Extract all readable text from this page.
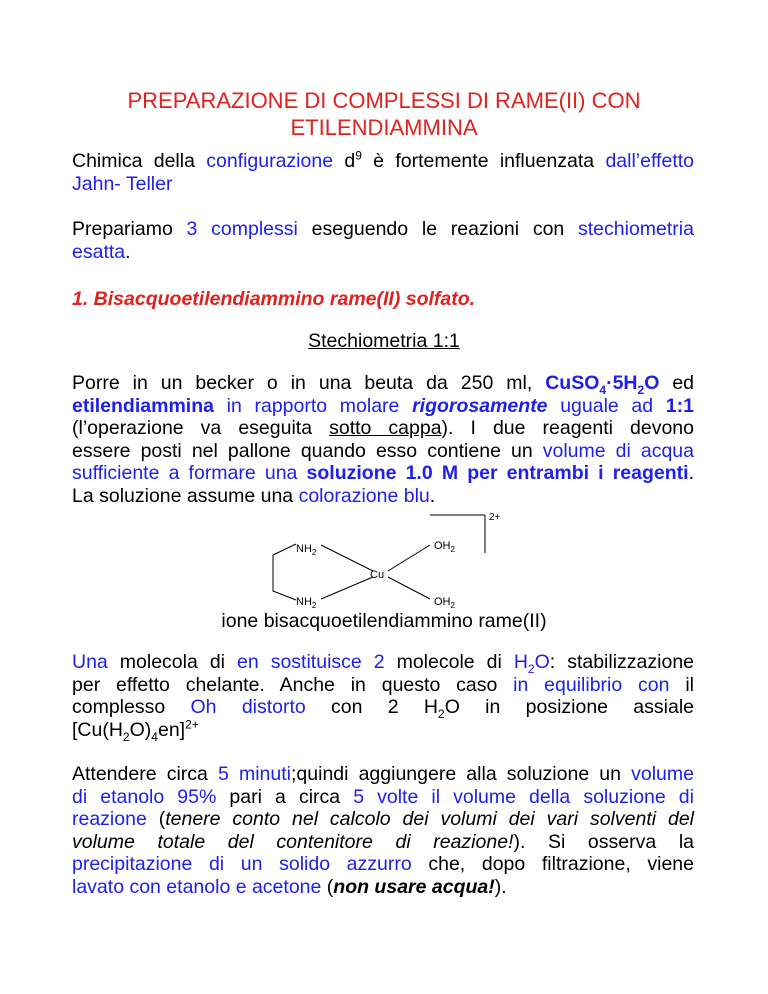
PREPARAZIONE DI COMPLESSI DI RAME(II) CON
ETILENDIAMMINA
Chimica della configurazione $d^9$ è fortemente influenzata dall’effetto
Jahn- Teller
Prepariamo 3 complessi eseguendo le reazioni con stechiometria
esatta.
1. Bisacquoetilendiammino rame(II) solfato.
Stechiometria 1:1
Porre in un becker o in una beuta da 250 ml, $CuSO_4\cdot 5H_2O$ ed
etilendiammina in rapporto molare rigorosamente uguale ad 1:1
(l’operazione va eseguita sotto cappa). I due reagenti devono
essere posti nel pallone quando esso contiene un volume di acqua
sufficiente a formare una soluzione 1.0 M per entrambi i reagenti.
La soluzione assume una colorazione blu.
2+
$NH_2$
$OH_2$
Cu
$NH_2$	$OH_2$
ione bisacquoetilendiammino rame(II)
Una molecola di en sostituisce 2 molecole di $H_2O$: stabilizzazione
per effetto chelante. Anche in questo caso in equilibrio con il
complesso Oh distorto con 2 $H_2O$ in posizione assiale
$[Cu(H_2O)_4en]^{2+}$
Attendere circa 5 minuti;quindi aggiungere alla soluzione un volume
di etanolo 95% pari a circa 5 volte il volume della soluzione di
reazione (tenere conto nel calcolo dei volumi dei vari solventi del
volume totale del contenitore di reazione!). Si osserva la
precipitazione di un solido azzurro che, dopo filtrazione, viene
lavato con etanolo e acetone (non usare acqua!).
